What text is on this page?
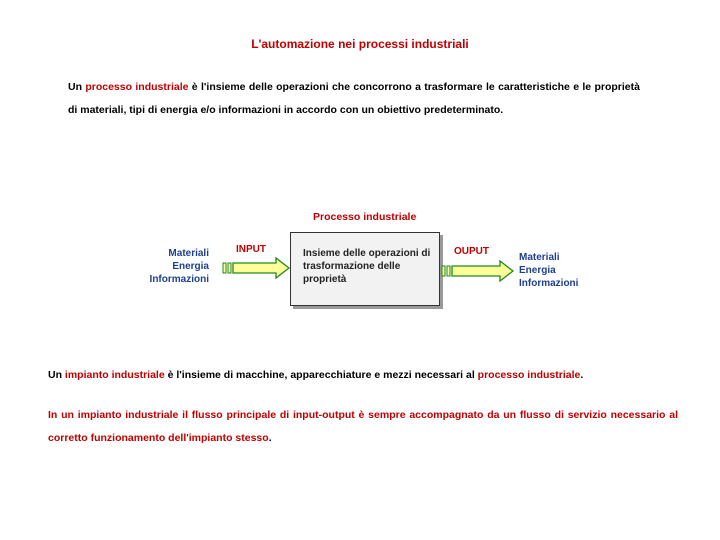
L'automazione nei processi industriali
Un processo industriale è l'insieme delle operazioni che concorrono a trasformare le caratteristiche e le proprietà di materiali, tipi di energia e/o informazioni in accordo con un obiettivo predeterminato.
Processo industriale
Materiali
Energia
Informazioni
INPUT	Insieme delle operazioni di trasformazione delle proprietà
OUPUT
Materiali
Energia
Informazioni
Un impianto industriale è l'insieme di macchine, apparecchiature e mezzi necessari al processo industriale.
In un impianto industriale il flusso principale di input-output è sempre accompagnato da un flusso di servizio necessario al corretto funzionamento dell'impianto stesso.
